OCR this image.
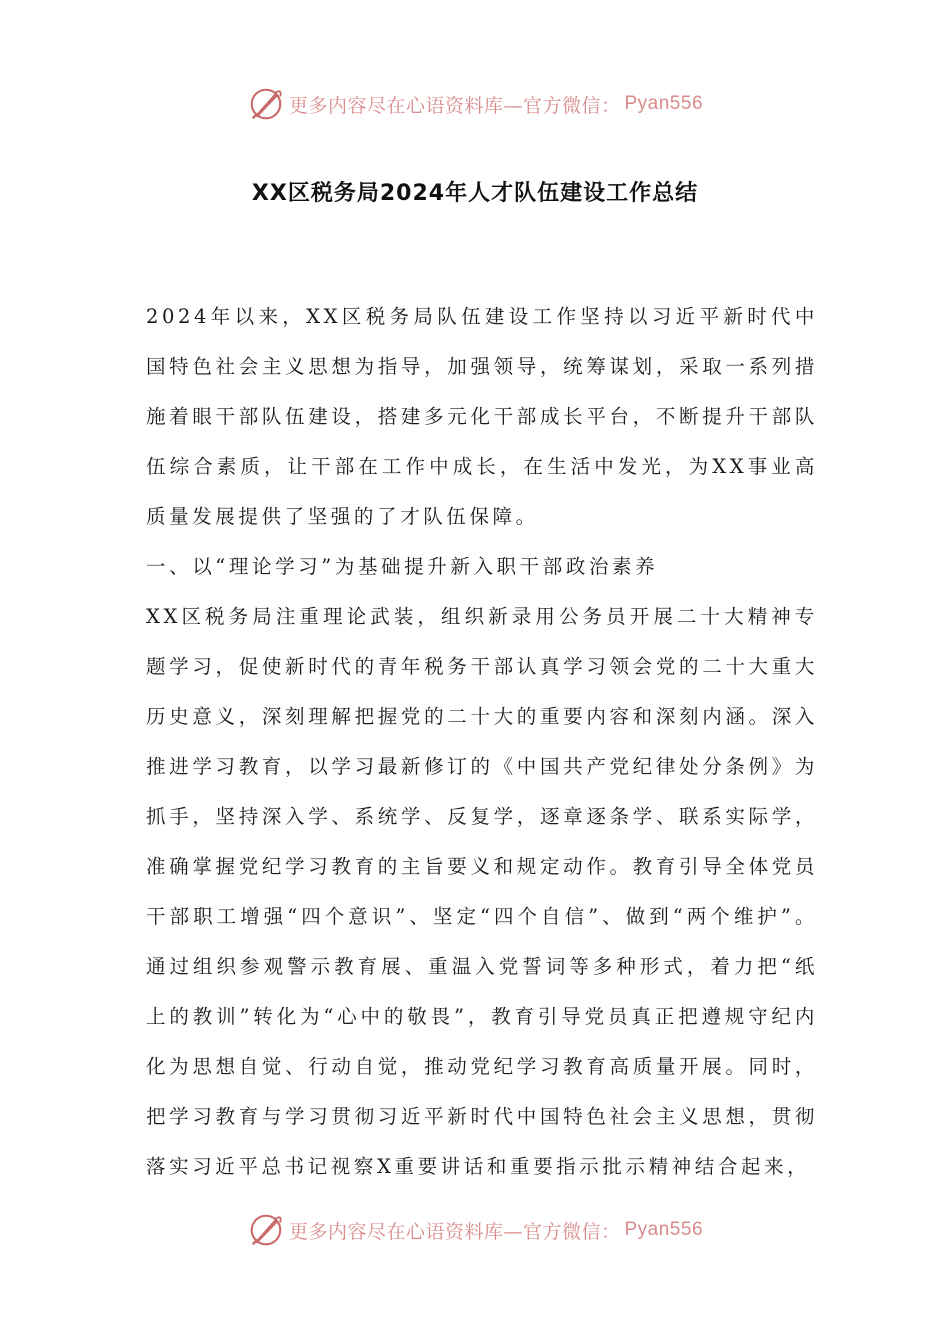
更多内容尽在心语资料库—官方微信： Pyan556
XX区税务局2024年人才队伍建设工作总结

2024年以来，XX区税务局队伍建设工作坚持以习近平新时代中国特色社会主义思想为指导，加强领导，统筹谋划，采取一系列措施着眼干部队伍建设，搭建多元化干部成长平台，不断提升干部队伍综合素质，让干部在工作中成长，在生活中发光，为XX事业高质量发展提供了坚强的了才队伍保障。

一、以“理论学习”为基础提升新入职干部政治素养

XX区税务局注重理论武装，组织新录用公务员开展二十大精神专题学习，促使新时代的青年税务干部认真学习领会党的二十大重大历史意义，深刻理解把握党的二十大的重要内容和深刻内涵。深入推进学习教育，以学习最新修订的《中国共产党纪律处分条例》为抓手，坚持深入学、系统学、反复学，逐章逐条学、联系实际学，准确掌握党纪学习教育的主旨要义和规定动作。教育引导全体党员干部职工增强“四个意识”、坚定“四个自信”、做到“两个维护”。通过组织参观警示教育展、重温入党誓词等多种形式，着力把“纸上的教训”转化为“心中的敬畏”，教育引导党员真正把遵规守纪内化为思想自觉、行动自觉，推动党纪学习教育高质量开展。同时，把学习教育与学习贯彻习近平新时代中国特色社会主义思想，贯彻落实习近平总书记视察X重要讲话和重要指示批示精神结合起来，

更多内容尽在心语资料库—官方微信： Pyan556
